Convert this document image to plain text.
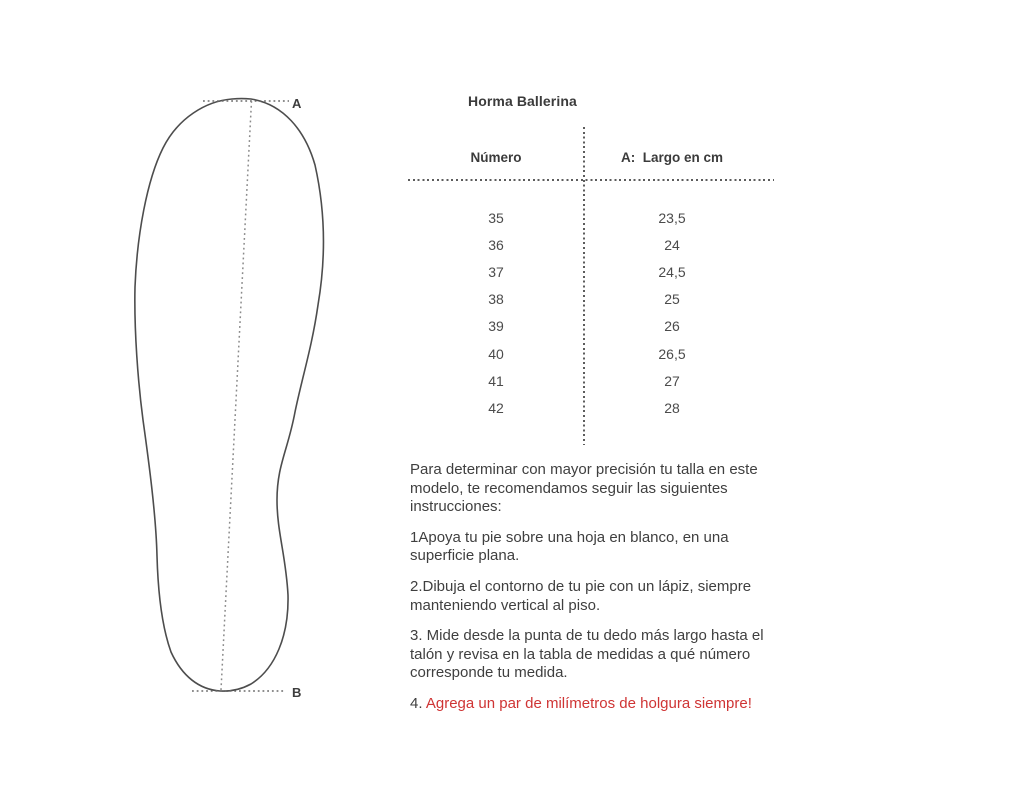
A
B
Horma Ballerina
Número	A:  Largo en cm
35	23,5
36	24
37	24,5
38	25
39	26
40	26,5
41	27
42	28

Para determinar con mayor precisión tu talla en este modelo, te recomendamos seguir las siguientes instrucciones:

1Apoya tu pie sobre una hoja en blanco, en una superficie plana.

2.Dibuja el contorno de tu pie con un lápiz, siempre manteniendo vertical al piso.

3. Mide desde la punta de tu dedo más largo hasta el talón y revisa en la tabla de medidas a qué número corresponde tu medida.

4. Agrega un par de milímetros de holgura siempre!
